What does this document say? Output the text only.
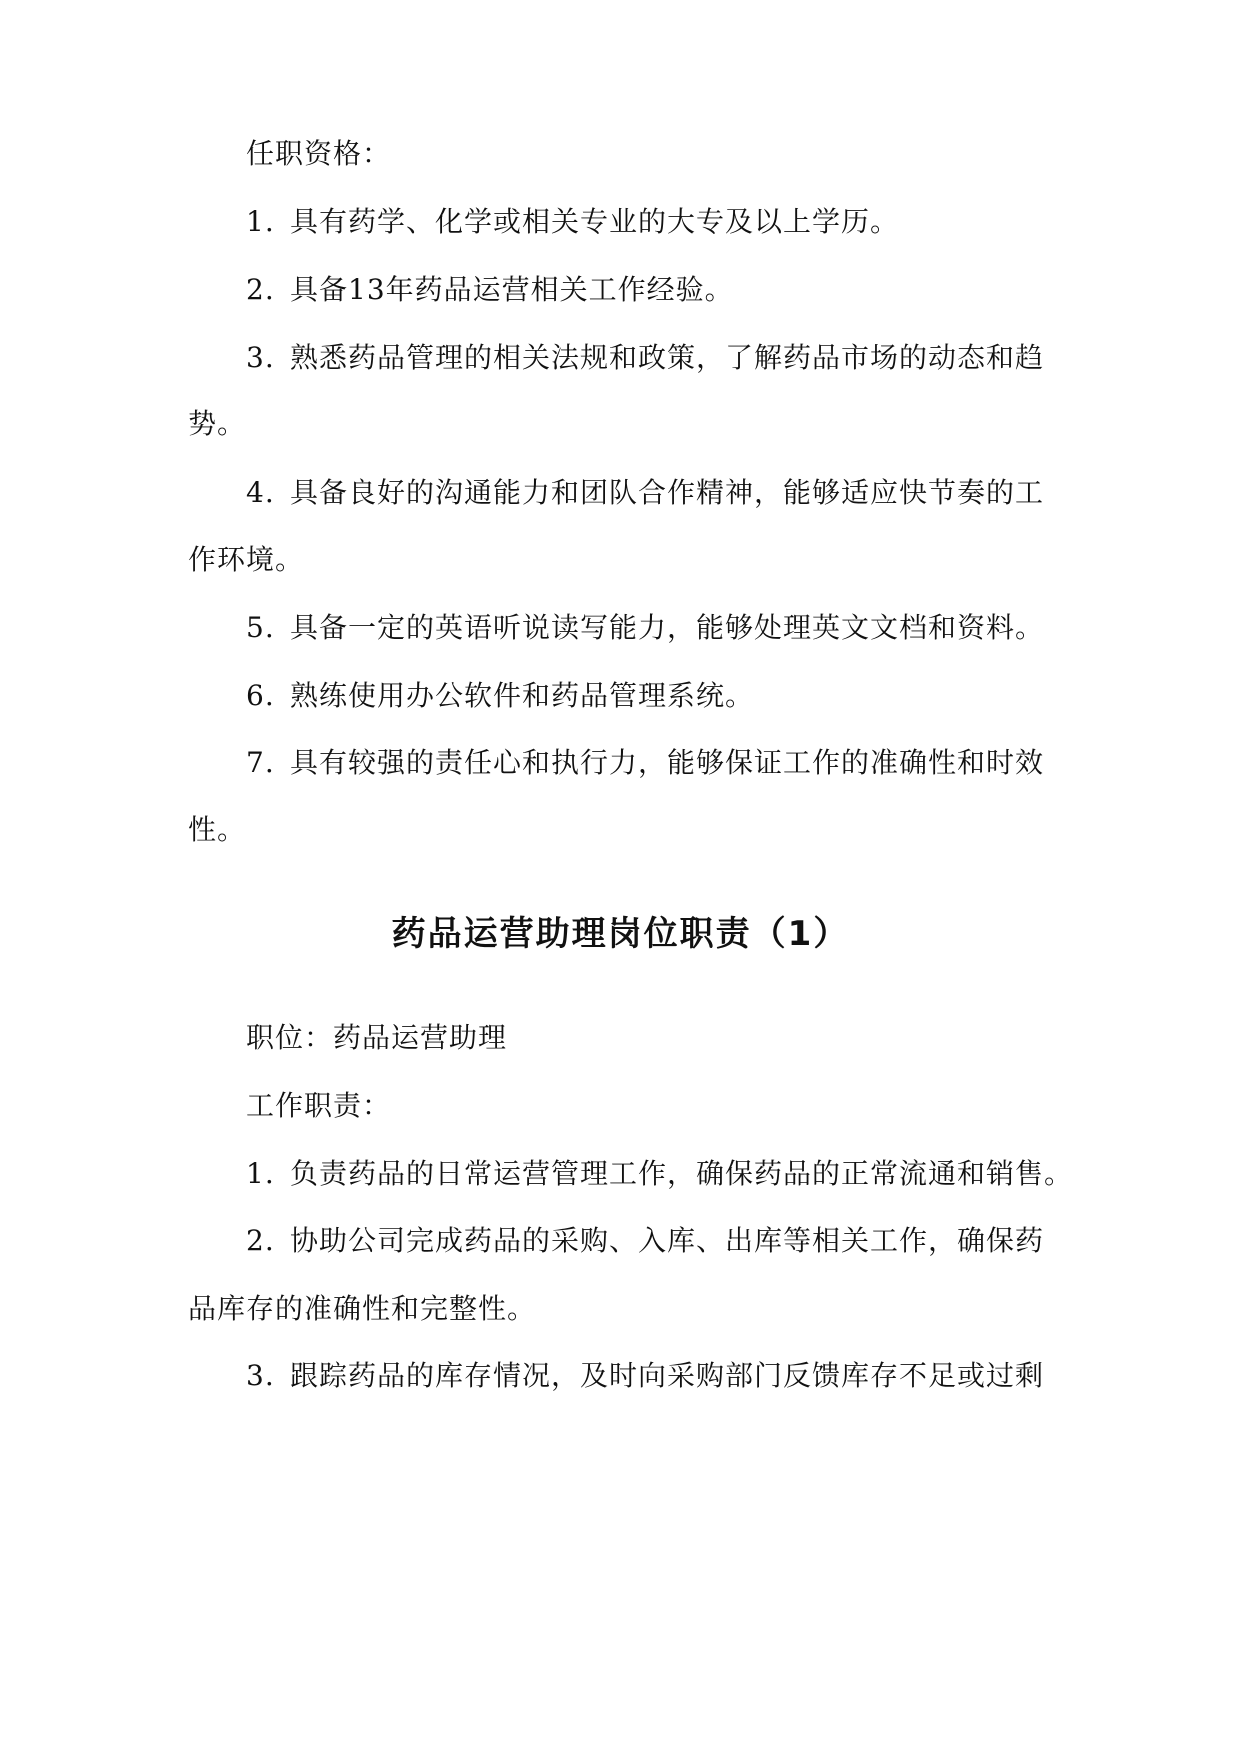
任职资格：
1. 具有药学、化学或相关专业的大专及以上学历。
2. 具备13年药品运营相关工作经验。
3. 熟悉药品管理的相关法规和政策，了解药品市场的动态和趋
势。
4. 具备良好的沟通能力和团队合作精神，能够适应快节奏的工
作环境。
5. 具备一定的英语听说读写能力，能够处理英文文档和资料。
6. 熟练使用办公软件和药品管理系统。
7. 具有较强的责任心和执行力，能够保证工作的准确性和时效
性。
药品运营助理岗位职责（1）
职位：药品运营助理
工作职责：
1. 负责药品的日常运营管理工作，确保药品的正常流通和销售。
2. 协助公司完成药品的采购、入库、出库等相关工作，确保药
品库存的准确性和完整性。
3. 跟踪药品的库存情况，及时向采购部门反馈库存不足或过剩
